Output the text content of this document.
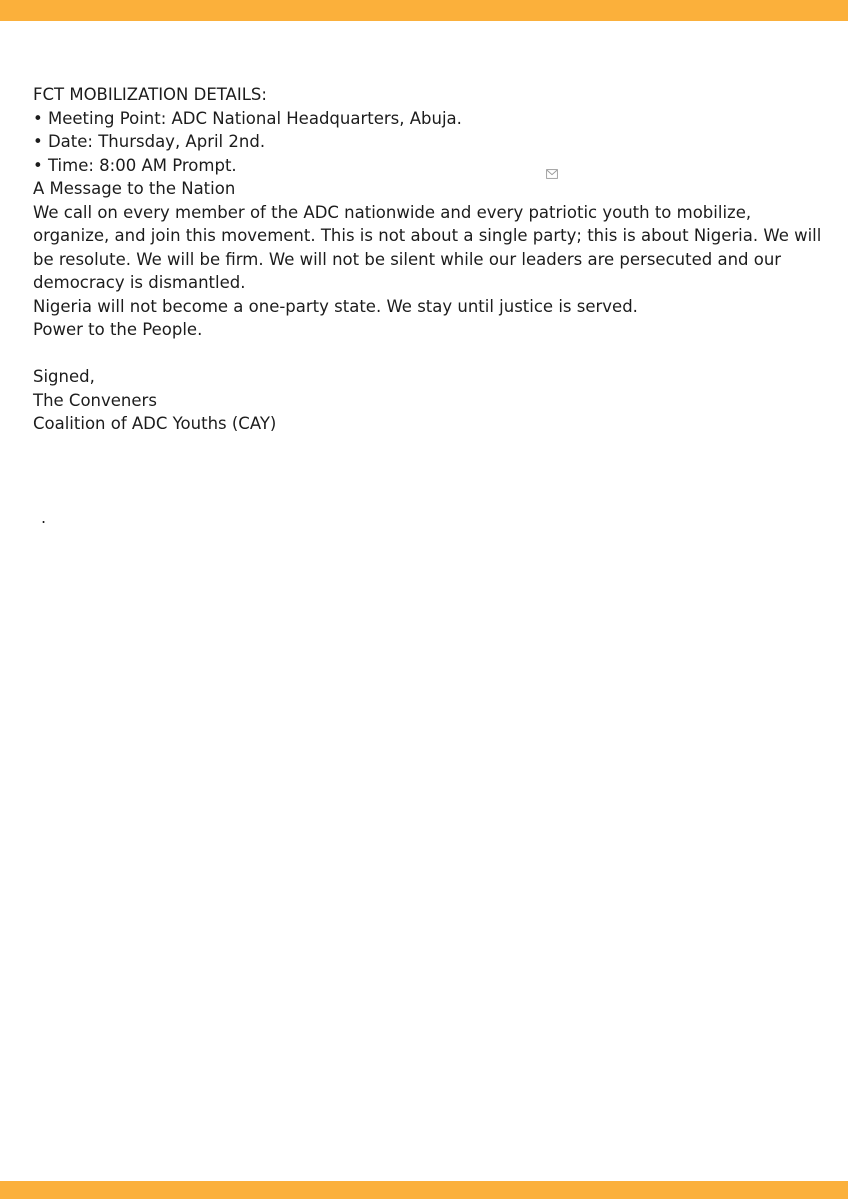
FCT MOBILIZATION DETAILS:
• Meeting Point: ADC National Headquarters, Abuja.
• Date: Thursday, April 2nd.
• Time: 8:00 AM Prompt.
A Message to the Nation
We call on every member of the ADC nationwide and every patriotic youth to mobilize, organize, and join this movement. This is not about a single party; this is about Nigeria. We will be resolute. We will be firm. We will not be silent while our leaders are persecuted and our democracy is dismantled.
Nigeria will not become a one-party state. We stay until justice is served.
Power to the People.
Signed,
The Conveners
Coalition of ADC Youths (CAY)
.
